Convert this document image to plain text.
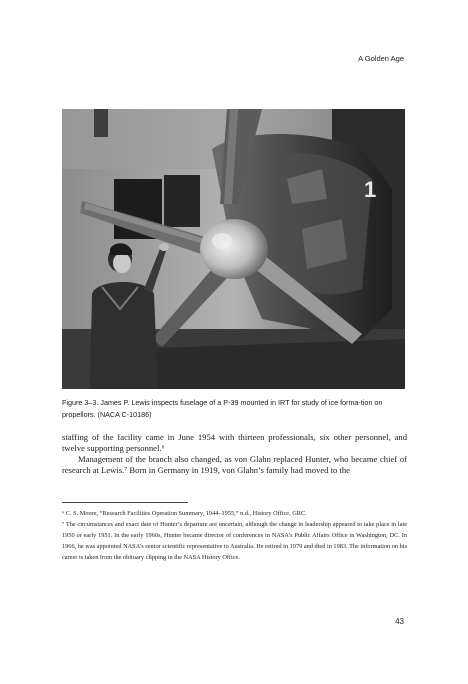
A Golden Age
1
Figure 3–3. James P. Lewis inspects fuselage of a P-39 mounted in IRT for study of ice forma-tion on propellors. (NACA C-10186)

staffing of the facility came in June 1954 with thirteen professionals, six other personnel, and twelve supporting personnel.⁶

Management of the branch also changed, as von Glahn replaced Hunter, who became chief of research at Lewis.⁷ Born in Germany in 1919, von Glahn’s family had moved to the

⁶ C. S. Moore, “Research Facilities Operation Summary, 1944–1955,” n.d., History Office, GRC.

⁷ The circumstances and exact date of Hunter’s departure are uncertain, although the change in leadership appeared to take place in late 1950 or early 1951. In the early 1960s, Hunter became director of conferences in NASA’s Public Affairs Office in Washington, DC. In 1966, he was appointed NASA’s senior scientific representative to Australia. He retired in 1979 and died in 1983. The information on his career is taken from the obituary clipping in the NASA History Office.

43
